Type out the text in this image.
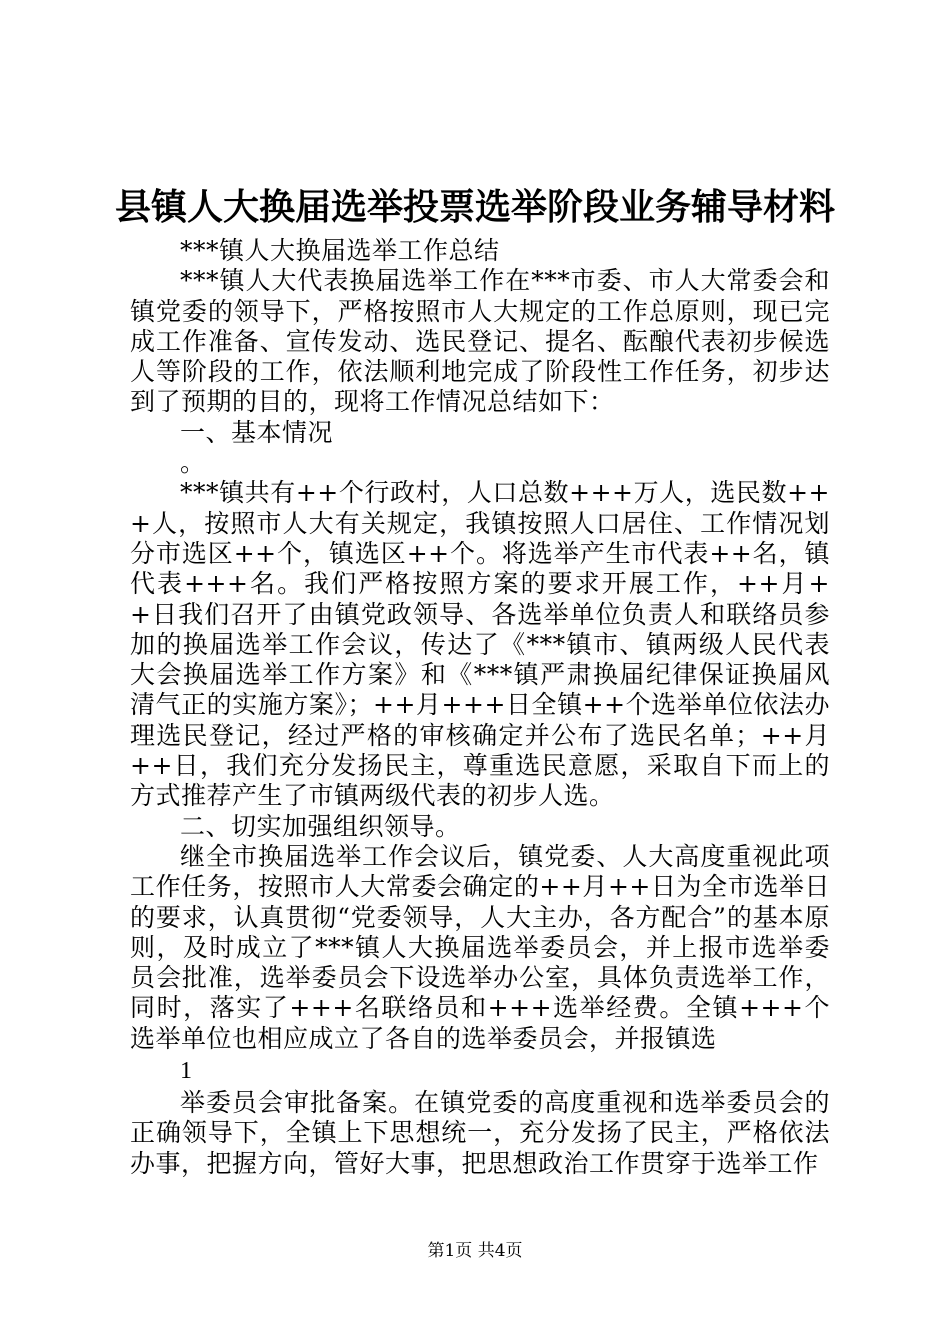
县镇人大换届选举投票选举阶段业务辅导材料

***镇人大换届选举工作总结

***镇人大代表换届选举工作在***市委、市人大常委会和镇党委的领导下，严格按照市人大规定的工作总原则，现已完成工作准备、宣传发动、选民登记、提名、酝酿代表初步候选人等阶段的工作，依法顺利地完成了阶段性工作任务，初步达到了预期的目的，现将工作情况总结如下：

一、基本情况

。

***镇共有++个行政村，人口总数+++万人，选民数+++人，按照市人大有关规定，我镇按照人口居住、工作情况划分市选区++个，镇选区++个。将选举产生市代表++名，镇代表+++名。我们严格按照方案的要求开展工作，++月++日我们召开了由镇党政领导、各选举单位负责人和联络员参加的换届选举工作会议，传达了《***镇市、镇两级人民代表大会换届选举工作方案》和《***镇严肃换届纪律保证换届风清气正的实施方案》；++月+++日全镇++个选举单位依法办理选民登记，经过严格的审核确定并公布了选民名单；++月++日，我们充分发扬民主，尊重选民意愿，采取自下而上的方式推荐产生了市镇两级代表的初步人选。

二、切实加强组织领导。

继全市换届选举工作会议后，镇党委、人大高度重视此项工作任务，按照市人大常委会确定的++月++日为全市选举日的要求，认真贯彻“党委领导，人大主办，各方配合”的基本原则，及时成立了***镇人大换届选举委员会，并上报市选举委员会批准，选举委员会下设选举办公室，具体负责选举工作，同时，落实了+++名联络员和+++选举经费。全镇+++个选举单位也相应成立了各自的选举委员会，并报镇选

1

举委员会审批备案。在镇党委的高度重视和选举委员会的正确领导下，全镇上下思想统一，充分发扬了民主，严格依法办事，把握方向，管好大事，把思想政治工作贯穿于选举工作

第1页 共4页
